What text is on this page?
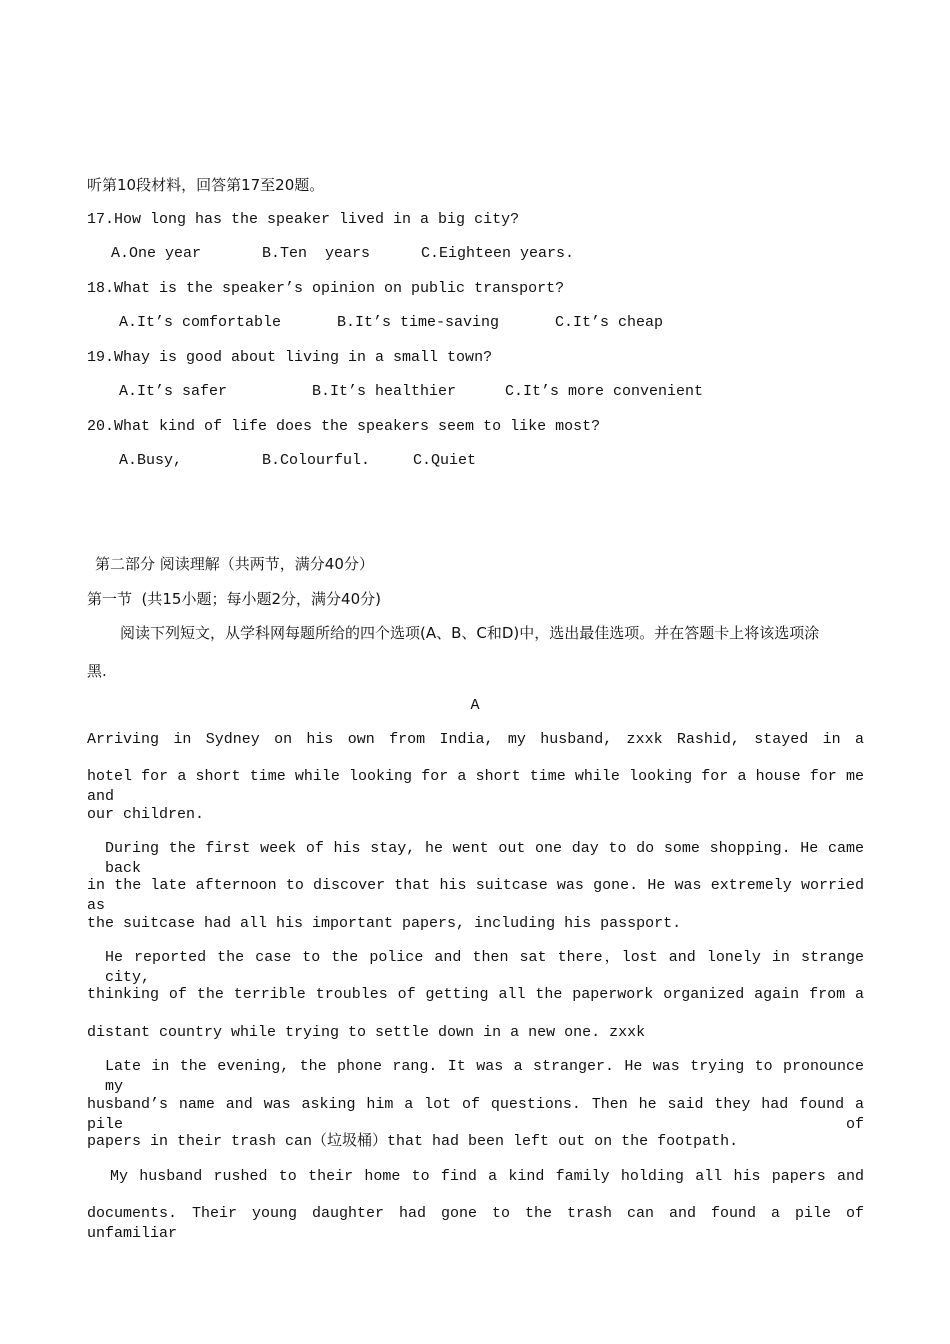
听第10段材料，回答第17至20题。
17.How long has the speaker lived in a big city?

A.One year

	B.Ten  years

	C.Eighteen years.

18.What is the speaker’s opinion on public transport?

A.It’s comfortable

	B.It’s time-saving

	C.It’s cheap

19.Whay is good about living in a small town?

A.It’s safer

	B.It’s healthier

	C.It’s more convenient

20.What kind of life does the speakers seem to like most?

A.Busy,

	B.Colourful.

	C.Quiet

第二部分 阅读理解（共两节，满分40分）
第一节  (共15小题；每小题2分，满分40分)
阅读下列短文，从学科网每题所给的四个选项(A、B、C和D)中，选出最佳选项。并在答题卡上将该选项涂
黑.
A
Arriving in Sydney on his own from India, my husband, zxxk Rashid, stayed in a
hotel for a short time while looking for a short time while looking for a house for me and
our children.
During the first week of his stay, he went out one day to do some shopping. He came back
in the late afternoon to discover that his suitcase was gone. He was extremely worried as
the suitcase had all his important papers, including his passport.
He reported the case to the police and then sat there，lost and lonely in strange city,
thinking of the terrible troubles of getting all the paperwork organized again from a
distant country while trying to settle down in a new one. zxxk
Late in the evening, the phone rang. It was a stranger. He was trying to pronounce my
husband’s name and was asking him a lot of questions. Then he said they had found a pile of
papers in their trash can（垃圾桶）that had been left out on the footpath.
My husband rushed to their home to find a kind family holding all his papers and
documents. Their young daughter had gone to the trash can and found a pile of unfamiliar
